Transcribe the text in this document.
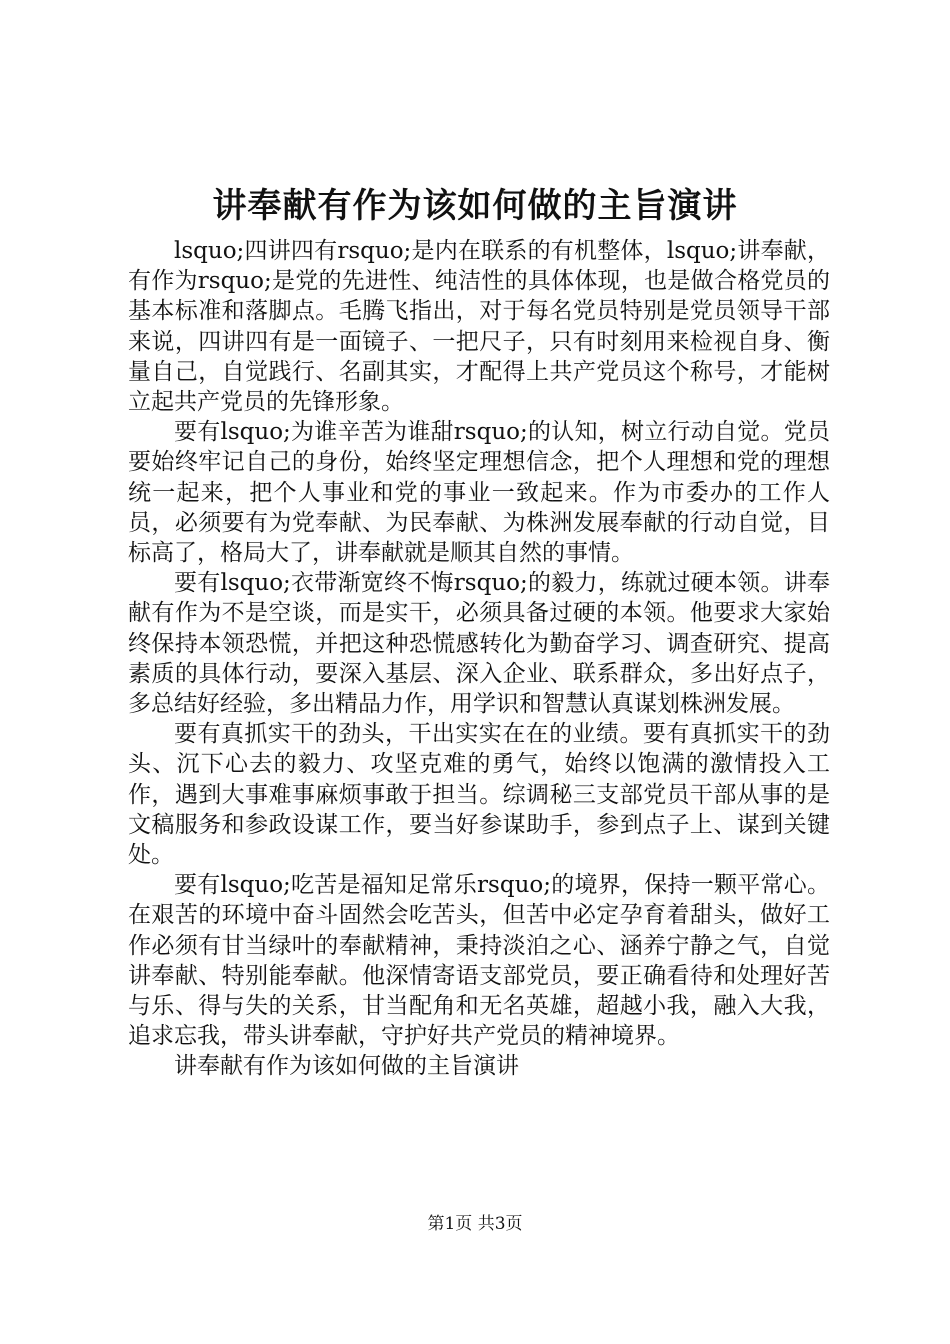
讲奉献有作为该如何做的主旨演讲

lsquo;四讲四有rsquo;是内在联系的有机整体，lsquo;讲奉献，有作为rsquo;是党的先进性、纯洁性的具体体现，也是做合格党员的基本标准和落脚点。毛腾飞指出，对于每名党员特别是党员领导干部来说，四讲四有是一面镜子、一把尺子，只有时刻用来检视自身、衡量自己，自觉践行、名副其实，才配得上共产党员这个称号，才能树立起共产党员的先锋形象。

要有lsquo;为谁辛苦为谁甜rsquo;的认知，树立行动自觉。党员要始终牢记自己的身份，始终坚定理想信念，把个人理想和党的理想统一起来，把个人事业和党的事业一致起来。作为市委办的工作人员，必须要有为党奉献、为民奉献、为株洲发展奉献的行动自觉，目标高了，格局大了，讲奉献就是顺其自然的事情。

要有lsquo;衣带渐宽终不悔rsquo;的毅力，练就过硬本领。讲奉献有作为不是空谈，而是实干，必须具备过硬的本领。他要求大家始终保持本领恐慌，并把这种恐慌感转化为勤奋学习、调查研究、提高素质的具体行动，要深入基层、深入企业、联系群众，多出好点子，多总结好经验，多出精品力作，用学识和智慧认真谋划株洲发展。

要有真抓实干的劲头，干出实实在在的业绩。要有真抓实干的劲头、沉下心去的毅力、攻坚克难的勇气，始终以饱满的激情投入工作，遇到大事难事麻烦事敢于担当。综调秘三支部党员干部从事的是文稿服务和参政设谋工作，要当好参谋助手，参到点子上、谋到关键处。

要有lsquo;吃苦是福知足常乐rsquo;的境界，保持一颗平常心。在艰苦的环境中奋斗固然会吃苦头，但苦中必定孕育着甜头，做好工作必须有甘当绿叶的奉献精神，秉持淡泊之心、涵养宁静之气，自觉讲奉献、特别能奉献。他深情寄语支部党员，要正确看待和处理好苦与乐、得与失的关系，甘当配角和无名英雄，超越小我，融入大我，追求忘我，带头讲奉献，守护好共产党员的精神境界。

讲奉献有作为该如何做的主旨演讲

第1页 共3页
